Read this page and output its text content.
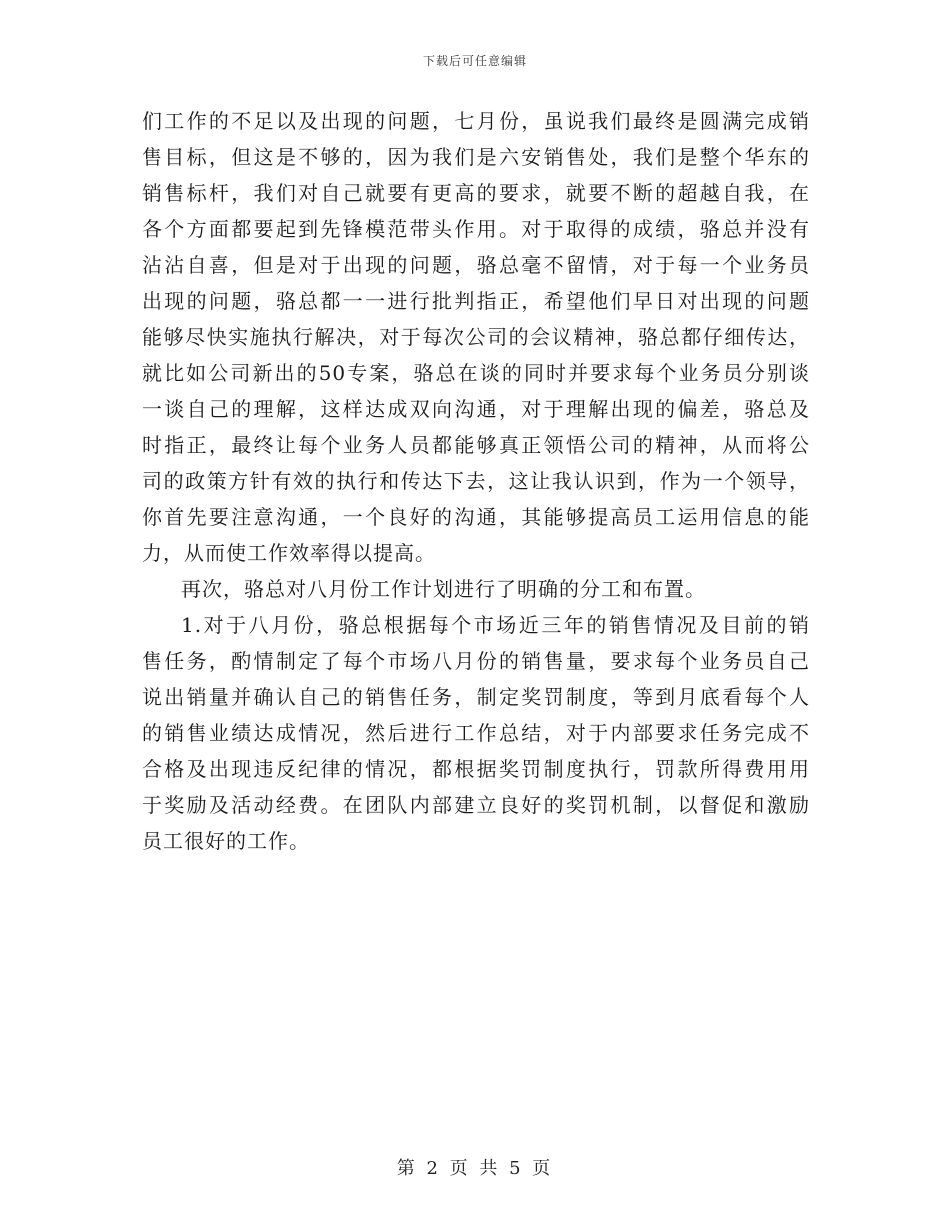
下载后可任意编辑
们工作的不足以及出现的问题，七月份，虽说我们最终是圆满完成销
售目标，但这是不够的，因为我们是六安销售处，我们是整个华东的
销售标杆，我们对自己就要有更高的要求，就要不断的超越自我，在
各个方面都要起到先锋模范带头作用。对于取得的成绩，骆总并没有
沾沾自喜，但是对于出现的问题，骆总毫不留情，对于每一个业务员
出现的问题，骆总都一一进行批判指正，希望他们早日对出现的问题
能够尽快实施执行解决，对于每次公司的会议精神，骆总都仔细传达，
就比如公司新出的50专案，骆总在谈的同时并要求每个业务员分别谈
一谈自己的理解，这样达成双向沟通，对于理解出现的偏差，骆总及
时指正，最终让每个业务人员都能够真正领悟公司的精神，从而将公
司的政策方针有效的执行和传达下去，这让我认识到，作为一个领导，
你首先要注意沟通，一个良好的沟通，其能够提高员工运用信息的能
力，从而使工作效率得以提高。
再次，骆总对八月份工作计划进行了明确的分工和布置。
1.对于八月份，骆总根据每个市场近三年的销售情况及目前的销
售任务，酌情制定了每个市场八月份的销售量，要求每个业务员自己
说出销量并确认自己的销售任务，制定奖罚制度，等到月底看每个人
的销售业绩达成情况，然后进行工作总结，对于内部要求任务完成不
合格及出现违反纪律的情况，都根据奖罚制度执行，罚款所得费用用
于奖励及活动经费。在团队内部建立良好的奖罚机制，以督促和激励
员工很好的工作。
第 2 页 共 5 页
